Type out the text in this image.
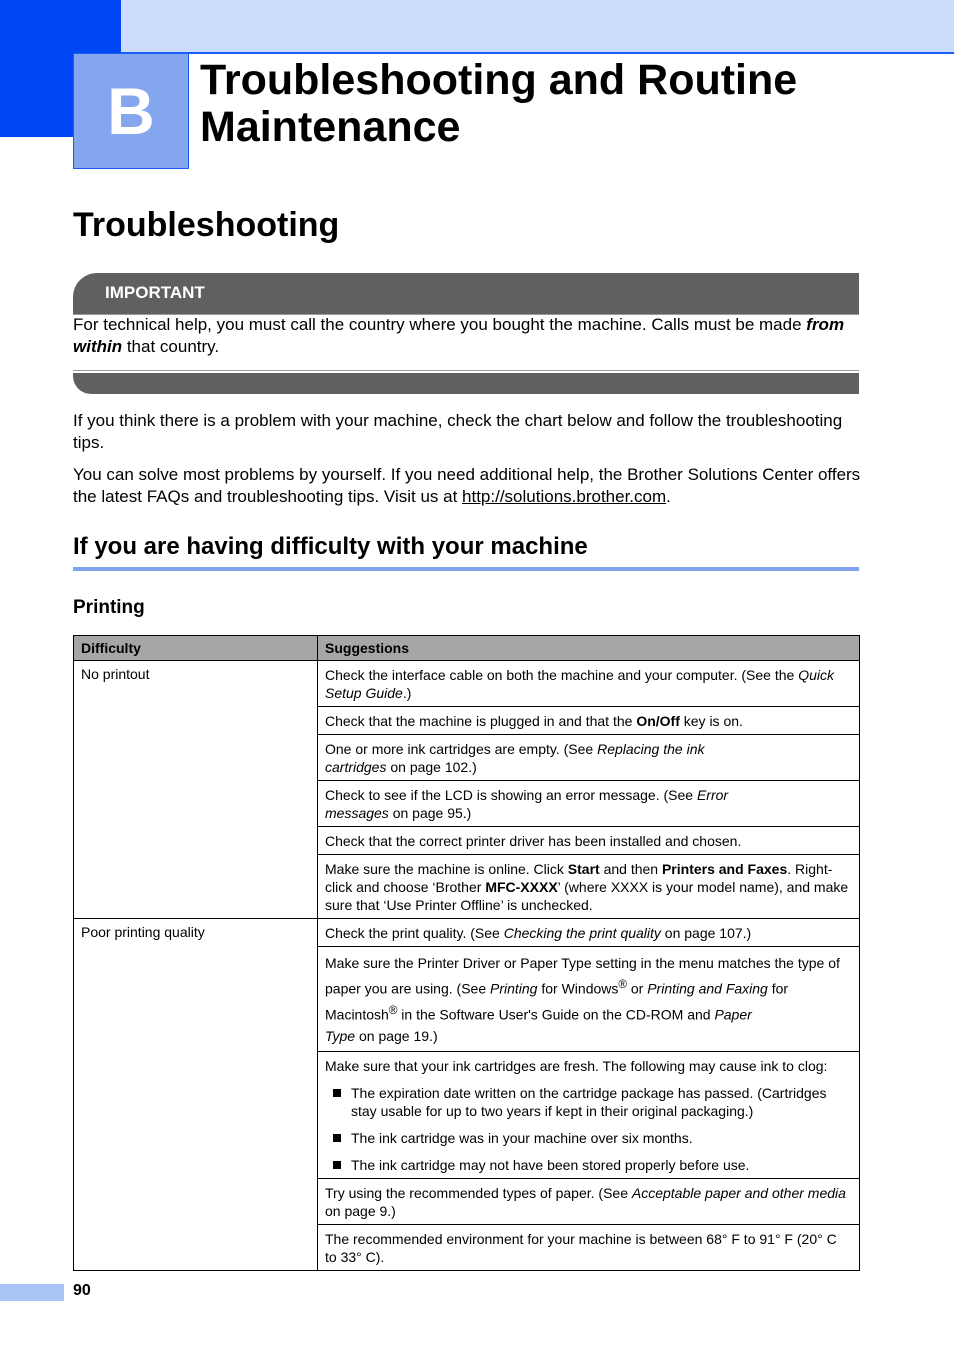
B	Troubleshooting and Routine Maintenance
Troubleshooting
IMPORTANT
For technical help, you must call the country where you bought the machine. Calls must be made from within that country.

If you think there is a problem with your machine, check the chart below and follow the troubleshooting tips.

You can solve most problems by yourself. If you need additional help, the Brother Solutions Center offers the latest FAQs and troubleshooting tips. Visit us at http://solutions.brother.com.

If you are having difficulty with your machine
Printing
Difficulty	Suggestions
No printout	Check the interface cable on both the machine and your computer. (See the Quick Setup Guide.)
	Check that the machine is plugged in and that the On/Off key is on.
	One or more ink cartridges are empty. (See Replacing the ink
cartridges on page 102.)
	Check to see if the LCD is showing an error message. (See Error
messages on page 95.)
	Check that the correct printer driver has been installed and chosen.
	Make sure the machine is online. Click Start and then Printers and Faxes. Right-click and choose ‘Brother MFC-XXXX’ (where XXXX is your model name), and make sure that ‘Use Printer Offline’ is unchecked.
Poor printing quality	Check the print quality. (See Checking the print quality on page 107.)
	Make sure the Printer Driver or Paper Type setting in the menu matches the type of paper you are using. (See Printing for Windows® or Printing and Faxing for Macintosh® in the Software User's Guide on the CD-ROM and Paper
Type on page 19.)

	Make sure that your ink cartridges are fresh. The following may cause ink to clog:
The expiration date written on the cartridge package has passed. (Cartridges stay usable for up to two years if kept in their original packaging.)
The ink cartridge was in your machine over six months.
The ink cartridge may not have been stored properly before use.

	Try using the recommended types of paper. (See Acceptable paper and other media on page 9.)
	The recommended environment for your machine is between 68° F to 91° F (20° C to 33° C).
90
